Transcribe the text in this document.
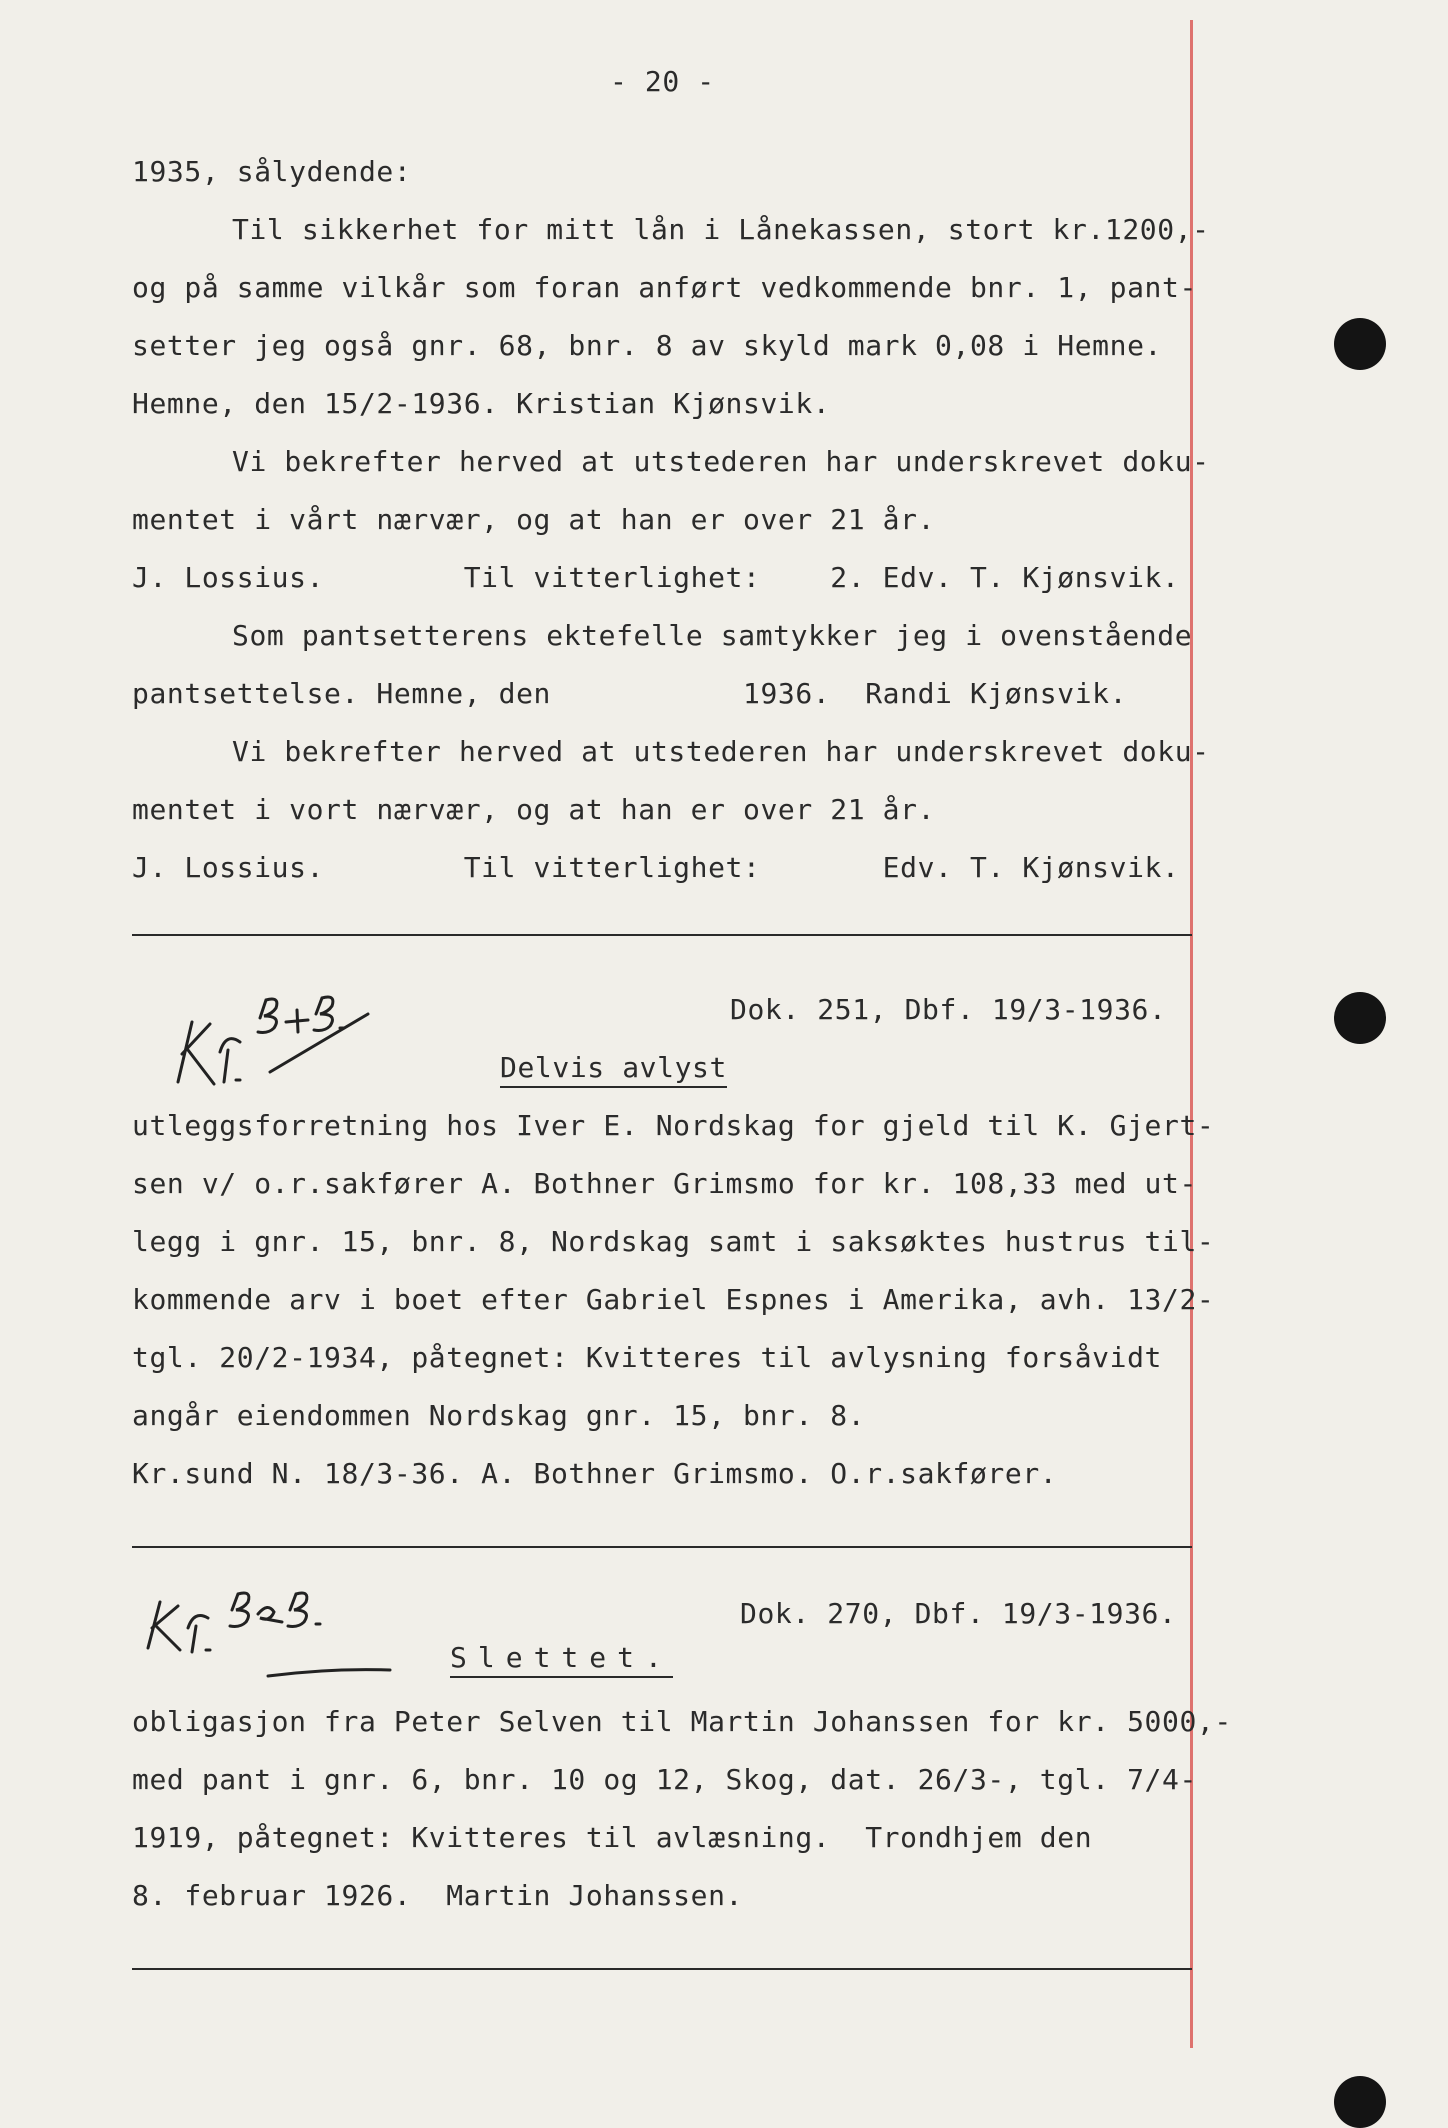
- 20 -
1935, sålydende:
Til sikkerhet for mitt lån i Lånekassen, stort kr.1200,-
og på samme vilkår som foran anført vedkommende bnr. 1, pant-
setter jeg også gnr. 68, bnr. 8 av skyld mark 0,08 i Hemne.
Hemne, den 15/2-1936. Kristian Kjønsvik.
Vi bekrefter herved at utstederen har underskrevet doku-
mentet i vårt nærvær, og at han er over 21 år.
J. Lossius.        Til vitterlighet:    2. Edv. T. Kjønsvik.
Som pantsetterens ektefelle samtykker jeg i ovenstående
pantsettelse. Hemne, den           1936.  Randi Kjønsvik.
Vi bekrefter herved at utstederen har underskrevet doku-
mentet i vort nærvær, og at han er over 21 år.
J. Lossius.        Til vitterlighet:       Edv. T. Kjønsvik.
Kfr. B+B.
Dok. 251, Dbf. 19/3-1936.
Delvis avlyst
utleggsforretning hos Iver E. Nordskag for gjeld til K. Gjert-
sen v/ o.r.sakfører A. Bothner Grimsmo for kr. 108,33 med ut-
legg i gnr. 15, bnr. 8, Nordskag samt i saksøktes hustrus til-
kommende arv i boet efter Gabriel Espnes i Amerika, avh. 13/2-
tgl. 20/2-1934, påtegnet: Kvitteres til avlysning forsåvidt
angår eiendommen Nordskag gnr. 15, bnr. 8.
Kr.sund N. 18/3-36. A. Bothner Grimsmo. O.r.sakfører.
Kfr. B+B.
Dok. 270, Dbf. 19/3-1936.
Slettet.
obligasjon fra Peter Selven til Martin Johanssen for kr. 5000,-
med pant i gnr. 6, bnr. 10 og 12, Skog, dat. 26/3-, tgl. 7/4-
1919, påtegnet: Kvitteres til avlæsning.  Trondhjem den
8. februar 1926.  Martin Johanssen.
